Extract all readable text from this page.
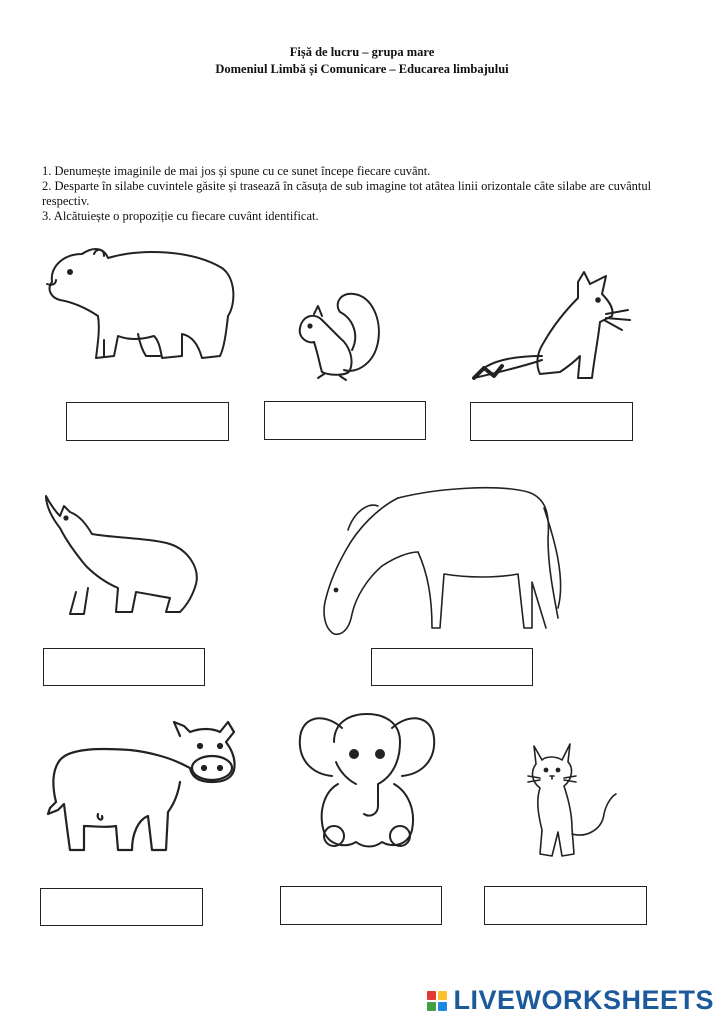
Fișă de lucru – grupa mare
Domeniul Limbă și Comunicare – Educarea limbajului
1. Denumește imaginile de mai jos și spune cu ce sunet începe fiecare cuvânt.
2. Desparte în silabe cuvintele găsite și trasează în căsuța de sub imagine tot atâtea linii orizontale câte silabe are cuvântul respectiv.
3. Alcătuiește o propoziție cu fiecare cuvânt identificat.
LIVEWORKSHEETS
